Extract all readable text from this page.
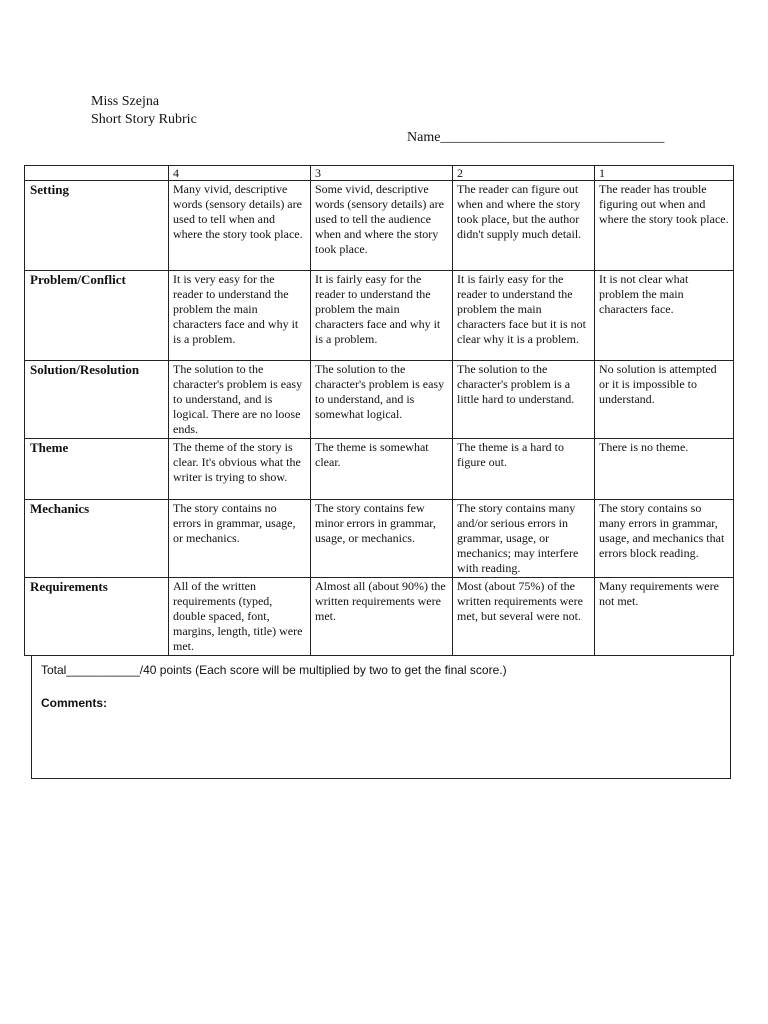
Miss Szejna
Short Story Rubric
Name________________________________
	4	3	2	1
Setting	Many vivid, descriptive words (sensory details) are used to tell when and where the story took place.	Some vivid, descriptive words (sensory details) are used to tell the audience when and where the story took place.	The reader can figure out when and where the story took place, but the author didn't supply much detail.	The reader has trouble figuring out when and where the story took place.
Problem/Conflict	It is very easy for the reader to understand the problem the main characters face and why it is a problem.	It is fairly easy for the reader to understand the problem the main characters face and why it is a problem.	It is fairly easy for the reader to understand the problem the main characters face but it is not clear why it is a problem.	It is not clear what problem the main characters face.
Solution/Resolution	The solution to the character's problem is easy to understand, and is logical. There are no loose ends.	The solution to the character's problem is easy to understand, and is somewhat logical.	The solution to the character's problem is a little hard to understand.	No solution is attempted or it is impossible to understand.
Theme	The theme of the story is clear. It's obvious what the writer is trying to show.	The theme is somewhat clear.	The theme is a hard to figure out.	There is no theme.
Mechanics	The story contains no errors in grammar, usage, or mechanics.	The story contains few minor errors in grammar, usage, or mechanics.	The story contains many and/or serious errors in grammar, usage, or mechanics; may interfere with reading.	The story contains so many errors in grammar, usage, and mechanics that errors block reading.
Requirements	All of the written requirements (typed, double spaced, font, margins, length, title) were met.	Almost all (about 90%) the written requirements were met.	Most (about 75%) of the written requirements were met, but several were not.	Many requirements were not met.
Total___________/40 points (Each score will be multiplied by two to get the final score.)
Comments:
